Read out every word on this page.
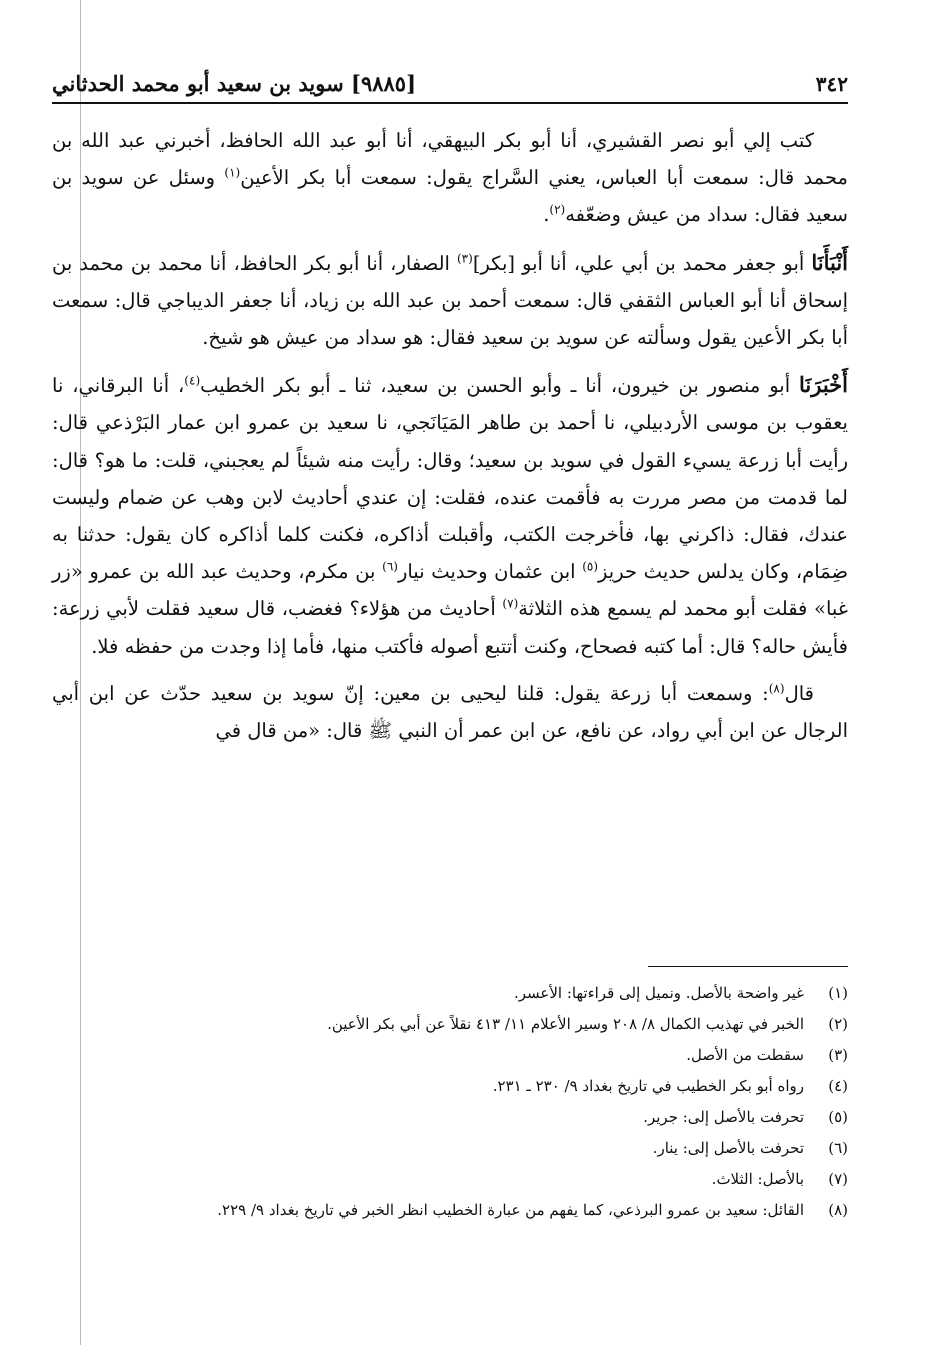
٣٤٢
[٩٨٨٥] سويد بن سعيد أبو محمد الحدثاني

كتب إلي أبو نصر القشيري، أنا أبو بكر البيهقي، أنا أبو عبد الله الحافظ، أخبرني عبد الله بن محمد قال: سمعت أبا العباس، يعني السَّراج يقول: سمعت أبا بكر الأعين$^{(١)}$ وسئل عن سويد بن سعيد فقال: سداد من عيش وضعّفه$^{(٢)}$.

أَنْبَأَنَا أبو جعفر محمد بن أبي علي، أنا أبو [بكر]$^{(٣)}$ الصفار، أنا أبو بكر الحافظ، أنا محمد بن محمد بن إسحاق أنا أبو العباس الثقفي قال: سمعت أحمد بن عبد الله بن زياد، أنا جعفر الديباجي قال: سمعت أبا بكر الأعين يقول وسألته عن سويد بن سعيد فقال: هو سداد من عيش هو شيخ.

أَخْبَرَنَا أبو منصور بن خيرون، أنا ـ وأبو الحسن بن سعيد، ثنا ـ أبو بكر الخطيب$^{(٤)}$، أنا البرقاني، نا يعقوب بن موسى الأردبيلي، نا أحمد بن طاهر المَيَانَجي، نا سعيد بن عمرو ابن عمار البَرْذعي قال: رأيت أبا زرعة يسيء القول في سويد بن سعيد؛ وقال: رأيت منه شيئاً لم يعجبني، قلت: ما هو؟ قال: لما قدمت من مصر مررت به فأقمت عنده، فقلت: إن عندي أحاديث لابن وهب عن ضمام وليست عندك، فقال: ذاكرني بها، فأخرجت الكتب، وأقبلت أذاكره، فكنت كلما أذاكره كان يقول: حدثنا به ضِمَام، وكان يدلس حديث حريز$^{(٥)}$ ابن عثمان وحديث نيار$^{(٦)}$ بن مكرم، وحديث عبد الله بن عمرو «زر غبا» فقلت أبو محمد لم يسمع هذه الثلاثة$^{(٧)}$ أحاديث من هؤلاء؟ فغضب، قال سعيد فقلت لأبي زرعة: فأيش حاله؟ قال: أما كتبه فصحاح، وكنت أتتبع أصوله فأكتب منها، فأما إذا وجدت من حفظه فلا.

قال$^{(٨)}$: وسمعت أبا زرعة يقول: قلنا ليحيى بن معين: إنّ سويد بن سعيد حدّث عن ابن أبي الرجال عن ابن أبي رواد، عن نافع، عن ابن عمر أن النبي ﷺ قال: «من قال في

(١)
غير واضحة بالأصل. ونميل إلى قراءتها: الأعسر.
(٢)
الخبر في تهذيب الكمال ٨/ ٢٠٨ وسير الأعلام ١١/ ٤١٣ نقلاً عن أبي بكر الأعين.
(٣)
سقطت من الأصل.
(٤)
رواه أبو بكر الخطيب في تاريخ بغداد ٩/ ٢٣٠ ـ ٢٣١.
(٥)
تحرفت بالأصل إلى: جرير.
(٦)
تحرفت بالأصل إلى: ينار.
(٧)
بالأصل: الثلاث.
(٨)
القائل: سعيد بن عمرو البرذعي، كما يفهم من عبارة الخطيب انظر الخبر في تاريخ بغداد ٩/ ٢٢٩.
